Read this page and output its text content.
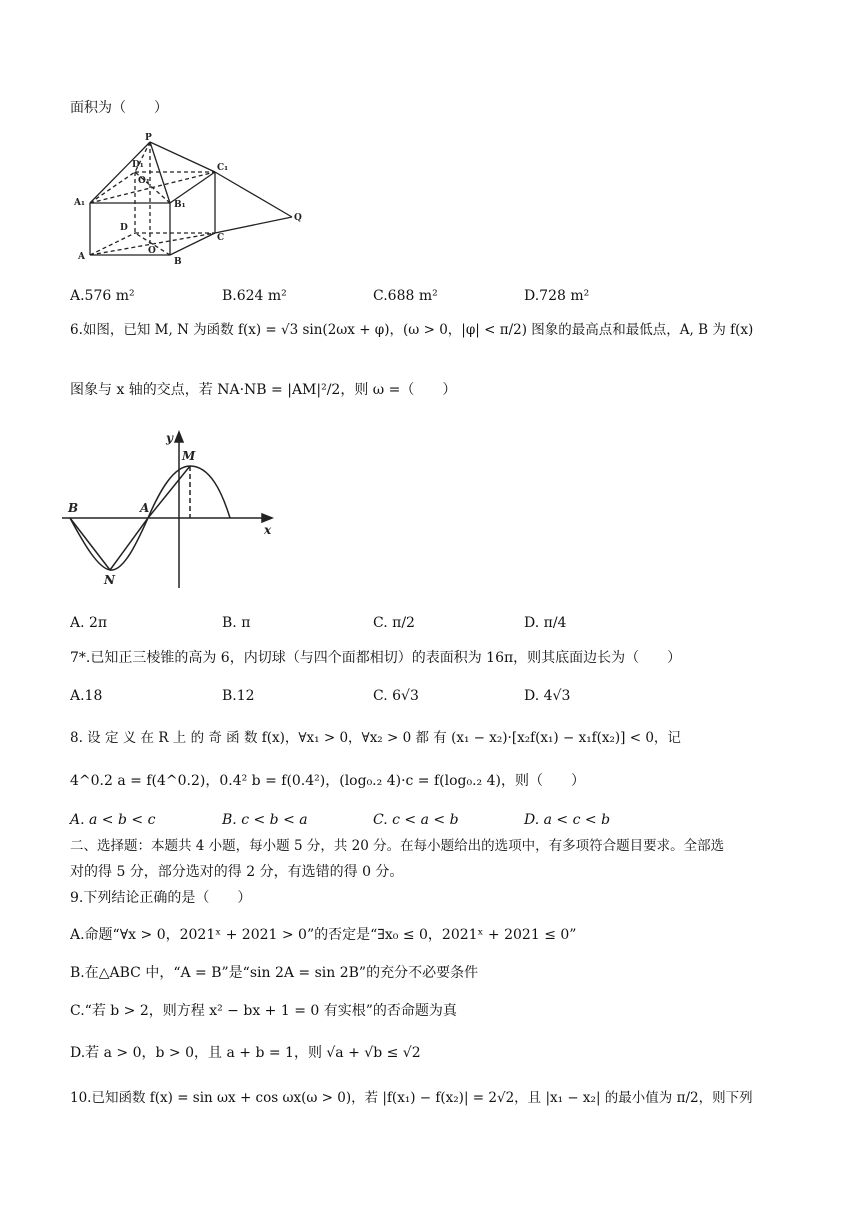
面积为（　　）
P
D₁	C₁
O₁
A₁	B₁
D
C
O
A	B
Q
A.576 m²	B.624 m²	C.688 m²	D.728 m²
6.如图，已知 M, N 为函数 f(x) = √3 sin(2ωx + φ)，(ω > 0，|φ| < π/2) 图象的最高点和最低点，A, B 为 f(x)
图象与 x 轴的交点，若 NA·NB = |AM|²/2，则 ω =（　　）
y
M
B	A
x
N
A. 2π	B. π	C. π/2	D. π/4
7*.已知正三棱锥的高为 6，内切球（与四个面都相切）的表面积为 16π，则其底面边长为（　　）
A.18	B.12	C. 6√3	D. 4√3
8. 设 定 义 在 R 上 的 奇 函 数 f(x)，∀x₁ > 0，∀x₂ > 0 都 有 (x₁ − x₂)·[x₂f(x₁) − x₁f(x₂)] < 0，记
4^0.2 a = f(4^0.2)，0.4² b = f(0.4²)，(log₀.₂ 4)·c = f(log₀.₂ 4)，则（　　）
A. a < b < c	B. c < b < a	C. c < a < b	D. a < c < b
二、选择题：本题共 4 小题，每小题 5 分，共 20 分。在每小题给出的选项中，有多项符合题目要求。全部选
对的得 5 分，部分选对的得 2 分，有选错的得 0 分。
9.下列结论正确的是（　　）
A.命题“∀x > 0，2021ˣ + 2021 > 0”的否定是“∃x₀ ≤ 0，2021ˣ + 2021 ≤ 0”
B.在△ABC 中，“A = B”是“sin 2A = sin 2B”的充分不必要条件
C.“若 b > 2，则方程 x² − bx + 1 = 0 有实根”的否命题为真
D.若 a > 0，b > 0，且 a + b = 1，则 √a + √b ≤ √2
10.已知函数 f(x) = sin ωx + cos ωx(ω > 0)，若 |f(x₁) − f(x₂)| = 2√2，且 |x₁ − x₂| 的最小值为 π/2，则下列
